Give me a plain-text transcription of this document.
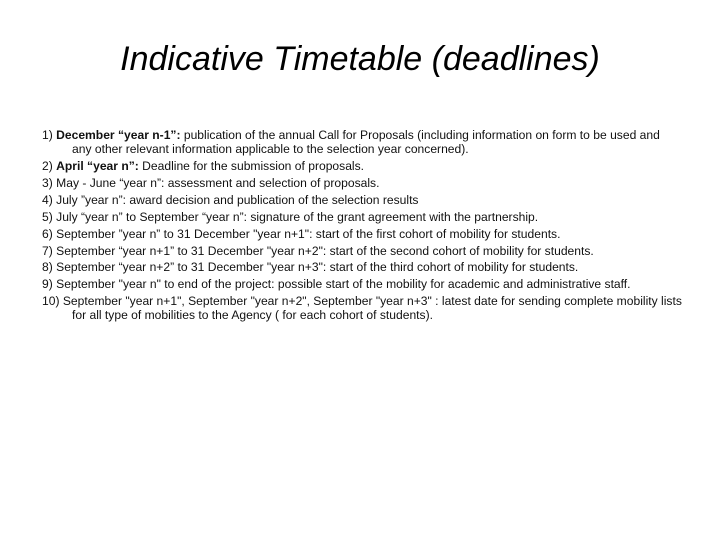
Indicative Timetable (deadlines)
1) December “year n-1”: publication of the annual Call for Proposals (including information on form to be used and any other relevant information applicable to the selection year concerned).
2) April “year n”: Deadline for the submission of proposals.
3) May - June “year n”: assessment and selection of proposals.
4) July ”year n”: award decision and publication of the selection results
5) July “year n” to September “year n”: signature of the grant agreement with the partnership.
6) September ”year n” to 31 December "year n+1": start of the first cohort of mobility for students.
7) September “year n+1” to 31 December "year n+2": start of the second cohort of mobility for students.
8) September “year n+2” to 31 December "year n+3": start of the third cohort of mobility for students.
9) September "year n" to end of the project: possible start of the mobility for academic and administrative staff.
10) September "year n+1", September "year n+2", September "year n+3" : latest date for sending complete mobility lists for all type of mobilities to the Agency ( for each cohort of students).
